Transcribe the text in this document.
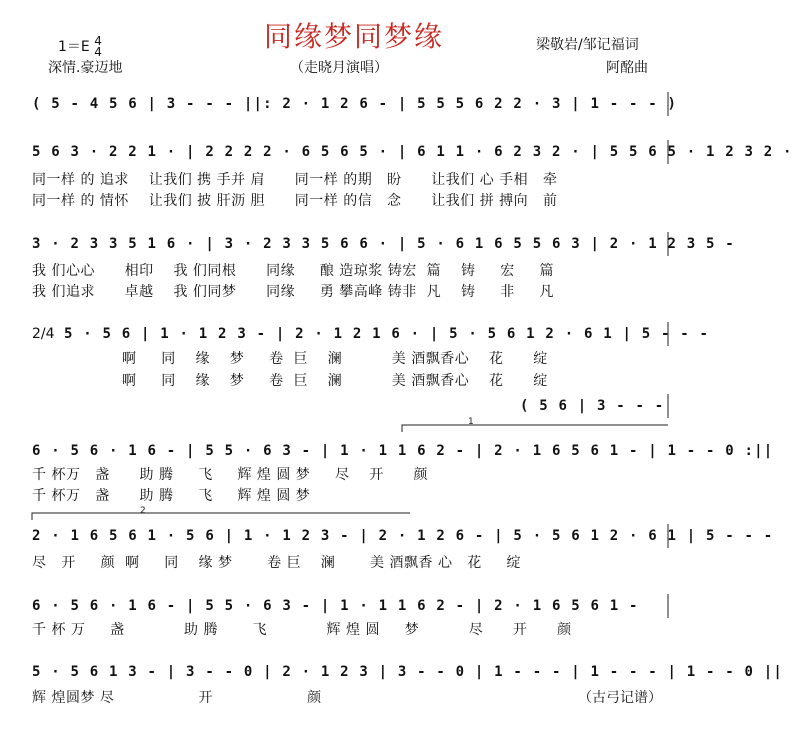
1＝E 4
4	同缘梦同梦缘	梁敬岩/邹记福词
深情.豪迈地	（走晓月演唱）	阿酩曲
( 5 - 4 5 6 | 3 - - - ||: 2 · 1 2 6 - | 5 5 5 6 2 2 · 3 | 1 - - - )
5 6 3 · 2 2 1 · | 2 2 2 2 · 6 5 6 5 · | 6 1 1 · 6 2 3 2 · | 5 5 6 5 · 1 2 3 2 ·
同一样 的 追求    让我们 携 手并 肩      同一样 的期   盼      让我们 心 手相   牵
同一样 的 情怀    让我们 披 肝沥 胆      同一样 的信   念      让我们 拼 搏向   前
3 · 2 3 3 5 1 6 · | 3 · 2 3 3 5 6 6 · | 5 · 6 1 6 5 5 6 3 | 2 · 1 2 3 5 -
我 们心心      相印    我 们同根      同缘     酿 造琼浆 铸宏  篇    铸     宏     篇
我 们追求      卓越    我 们同梦      同缘     勇 攀高峰 铸非  凡    铸     非     凡
2/4 5 · 5 6 | 1 · 1 2 3 - | 2 · 1 2 1 6 · | 5 · 5 6 1 2 · 6 1 | 5 - - -
啊     同    缘    梦     卷  巨    澜          美 酒飘香心    花      绽
啊     同    缘    梦     卷  巨    澜          美 酒飘香心    花      绽
( 5 6 | 3 - - -
6 · 5 6 · 1 6 - | 5 5 · 6 3 - | 1 · 1 1 6 2 - | 2 · 1 6 5 6 1 - | 1 - - 0 :||
千 杯万   盏      助 腾     飞     辉 煌 圆 梦     尽    开      颜
千 杯万   盏      助 腾     飞     辉 煌 圆 梦
2 · 1 6 5 6 1 · 5 6 | 1 · 1 2 3 - | 2 · 1 2 6 - | 5 · 5 6 1 2 · 6 1 | 5 - - -
尽   开     颜  啊     同    缘 梦       卷 巨    澜       美 酒飘香 心   花     绽
6 · 5 6 · 1 6 - | 5 5 · 6 3 - | 1 · 1 1 6 2 - | 2 · 1 6 5 6 1 -
千 杯 万     盏            助 腾       飞            辉 煌 圆     梦          尽      开      颜
5 · 5 6 1 3 - | 3 - - 0 | 2 · 1 2 3 | 3 - - 0 | 1 - - - | 1 - - - | 1 - - 0 ||
辉 煌圆梦 尽                 开                   颜	（古弓记谱）
1
2
